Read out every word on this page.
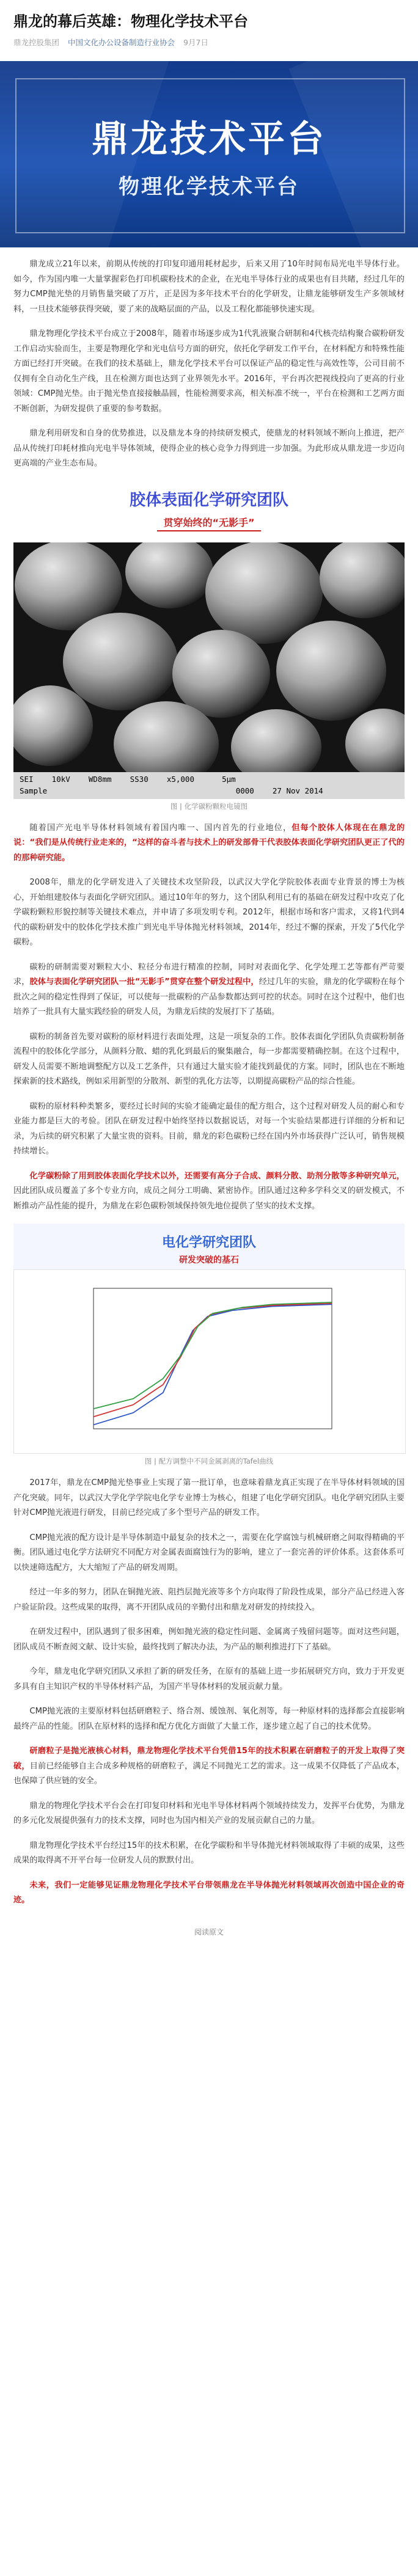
鼎龙的幕后英雄：物理化学技术平台
鼎龙控股集团 中国文化办公设备制造行业协会 9月7日
鼎龙技术平台
物理化学技术平台

鼎龙成立21年以来，前期从传统的打印复印通用耗材起步，后来又用了10年时间布局光电半导体行业。如今，作为国内唯一大量掌握彩色打印机碳粉技术的企业，在光电半导体行业的成果也有目共睹，经过几年的努力CMP抛光垫的月销售量突破了万片，正是因为多年技术平台的化学研发，让鼎龙能够研发生产多领域材料，一旦技术能够获得突破，要了来的战略层面的产品，以及工程化都能够快速实现。

鼎龙物理化学技术平台成立于2008年，随着市场逐步成为1代乳液聚合研制和4代核壳结构聚合碳粉研发工作启动实验而生，主要是物理化学和光电信号方面的研究，依托化学研发工作平台，在材料配方和特殊性能方面已经打开突破。在我们的技术基础上，鼎龙化学技术平台可以保证产品的稳定性与高效性等，公司目前不仅拥有全自动化生产线，且在检测方面也达到了业界领先水平。2016年，平台再次把视线投向了更高的行业领域：CMP抛光垫。由于抛光垫直接接触晶圆，性能检测要求高，相关标准不统一，平台在检测和工艺两方面不断创新，为研发提供了重要的参考数据。

鼎龙利用研发和自身的优势推进，以及鼎龙本身的持续研发模式，使鼎龙的材料领域不断向上推进，把产品从传统打印耗材推向光电半导体领域，使得企业的核心竞争力得到进一步加强。为此形成从鼎龙进一步迈向更高端的产业生态布局。

胶体表面化学研究团队
贯穿始终的“无影手”
SEI    10kV    WD8mm    SS30    x5,000      5µm
Sample                                         0000    27 Nov 2014
图 | 化学碳粉颗粒电镜图

随着国产光电半导体材料领域有着国内唯一、国内首先的行业地位，但每个胶体人体现在在鼎龙的说：“我们是从传统行业走来的，“这样的奋斗者与技术上的研发部骨干代表胶体表面化学研究团队更正了代的的那种研究能。

2008年，鼎龙的化学研发进入了关键技术攻坚阶段，以武汉大学化学院胶体表面专业背景的博士为核心，开始组建胶体与表面化学研究团队。通过10年年的努力，这个团队利用已有的基础在研发过程中攻克了化学碳粉颗粒形貌控制等关键技术难点，并申请了多项发明专利。2012年，根据市场和客户需求，又将1代到4代的碳粉研发中的胶体化学技术推广到光电半导体抛光材料领域，2014年，经过不懈的探索，开发了5代化学碳粉。

碳粉的研制需要对颗粒大小、粒径分布进行精准的控制，同时对表面化学、化学处理工艺等都有严苛要求，胶体与表面化学研究团队一批“无影手”贯穿在整个研发过程中，经过几年的实验，鼎龙的化学碳粉在每个批次之间的稳定性得到了保证，可以使每一批碳粉的产品参数都达到可控的状态。同时在这个过程中，他们也培养了一批具有大量实践经验的研发人员，为鼎龙后续的发展打下了基础。

碳粉的制备首先要对碳粉的原材料进行表面处理，这是一项复杂的工作。胶体表面化学团队负责碳粉制备流程中的胶体化学部分，从颜料分散、蜡的乳化到最后的聚集融合，每一步都需要精确控制。在这个过程中，研发人员需要不断地调整配方以及工艺条件，只有通过大量实验才能找到最优的方案。同时，团队也在不断地探索新的技术路线，例如采用新型的分散剂、新型的乳化方法等，以期提高碳粉产品的综合性能。

碳粉的原材料种类繁多，要经过长时间的实验才能确定最佳的配方组合，这个过程对研发人员的耐心和专业能力都是巨大的考验。团队在研发过程中始终坚持以数据说话，对每一个实验结果都进行详细的分析和记录，为后续的研究积累了大量宝贵的资料。目前，鼎龙的彩色碳粉已经在国内外市场获得广泛认可，销售规模持续增长。

化学碳粉除了用到胶体表面化学技术以外，还需要有高分子合成、颜料分散、助剂分散等多种研究单元，因此团队成员覆盖了多个专业方向，成员之间分工明确、紧密协作。团队通过这种多学科交叉的研发模式，不断推动产品性能的提升，为鼎龙在彩色碳粉领域保持领先地位提供了坚实的技术支撑。

电化学研究团队
研发突破的基石
图 | 配方调整中不同金属剥离的Tafel曲线

2017年，鼎龙在CMP抛光垫事业上实现了第一批订单，也意味着鼎龙真正实现了在半导体材料领域的国产化突破。同年，以武汉大学化学学院电化学专业博士为核心，组建了电化学研究团队。电化学研究团队主要针对CMP抛光液进行研发，目前已经完成了多个型号产品的研发工作。

CMP抛光液的配方设计是半导体制造中最复杂的技术之一，需要在化学腐蚀与机械研磨之间取得精确的平衡。团队通过电化学方法研究不同配方对金属表面腐蚀行为的影响，建立了一套完善的评价体系。这套体系可以快速筛选配方，大大缩短了产品的研发周期。

经过一年多的努力，团队在铜抛光液、阻挡层抛光液等多个方向取得了阶段性成果，部分产品已经进入客户验证阶段。这些成果的取得，离不开团队成员的辛勤付出和鼎龙对研发的持续投入。

在研发过程中，团队遇到了很多困难，例如抛光液的稳定性问题、金属离子残留问题等。面对这些问题，团队成员不断查阅文献、设计实验，最终找到了解决办法，为产品的顺利推进打下了基础。

今年，鼎龙电化学研究团队又承担了新的研发任务，在原有的基础上进一步拓展研究方向，致力于开发更多具有自主知识产权的半导体材料产品，为国产半导体材料的发展贡献力量。

CMP抛光液的主要原材料包括研磨粒子、络合剂、缓蚀剂、氧化剂等，每一种原材料的选择都会直接影响最终产品的性能。团队在原材料的选择和配方优化方面做了大量工作，逐步建立起了自己的技术优势。

研磨粒子是抛光液核心材料，鼎龙物理化学技术平台凭借15年的技术积累在研磨粒子的开发上取得了突破，目前已经能够自主合成多种规格的研磨粒子，满足不同抛光工艺的需求。这一成果不仅降低了产品成本，也保障了供应链的安全。

鼎龙的物理化学技术平台会在打印复印材料和光电半导体材料两个领域持续发力，发挥平台优势，为鼎龙的多元化发展提供强有力的技术支撑，同时也为国内相关产业的发展贡献自己的力量。

鼎龙物理化学技术平台经过15年的技术积累，在化学碳粉和半导体抛光材料领域取得了丰硕的成果，这些成果的取得离不开平台每一位研发人员的默默付出。

未来，我们一定能够见证鼎龙物理化学技术平台带领鼎龙在半导体抛光材料领域再次创造中国企业的奇迹。

阅读原文
